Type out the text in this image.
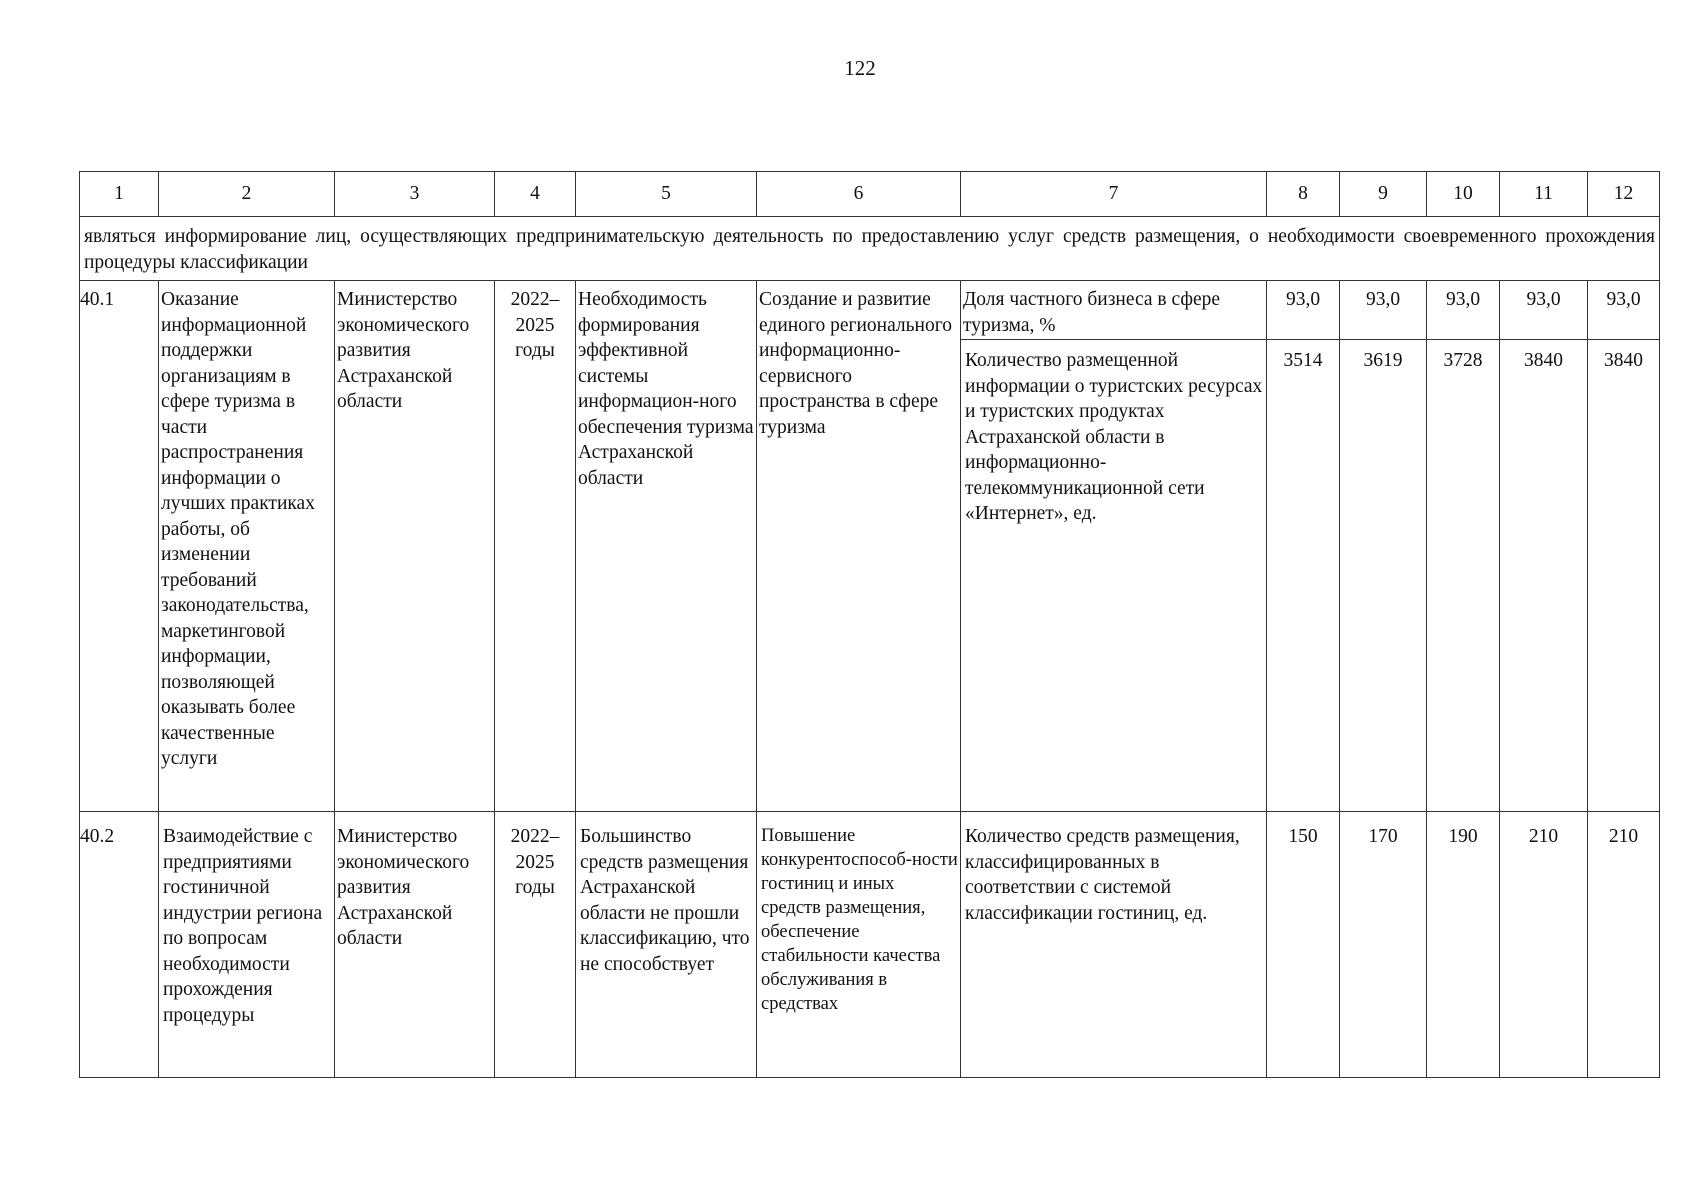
122
1	2	3	4	5	6	7	8	9	10	11	12
являться информирование лиц, осуществляющих предпринимательскую деятельность по предоставлению услуг средств размещения, о необходимости своевременного прохождения процедуры классификации											
40.1	Оказание информационной поддержки организациям в сфере туризма в части распространения информации о лучших практиках работы, об изменении требований законодательства, маркетинговой информации, позволяющей оказывать более качественные услуги	Министерство экономического развития Астраханской области	2022–2025 годы	Необходимость формирования эффективной системы информацион-ного обеспечения туризма Астраханской области	Создание и развитие единого регионального информационно-сервисного пространства в сфере туризма	Доля частного бизнеса в сфере туризма, %	93,0	93,0	93,0	93,0	93,0
						Количество размещенной информации о туристских ресурсах и туристских продуктах Астраханской области в информационно-телекоммуникационной сети «Интернет», ед.	3514	3619	3728	3840	3840
40.2	Взаимодействие с предприятиями гостиничной индустрии региона по вопросам необходимости прохождения процедуры	Министерство экономического развития Астраханской области	2022–2025 годы	Большинство средств размещения Астраханской области не прошли классификацию, что не способствует	Повышение конкурентоспособ-ности гостиниц и иных средств размещения, обеспечение стабильности качества обслуживания в средствах	Количество средств размещения, классифицированных в соответствии с системой классификации гостиниц, ед.	150	170	190	210	210
